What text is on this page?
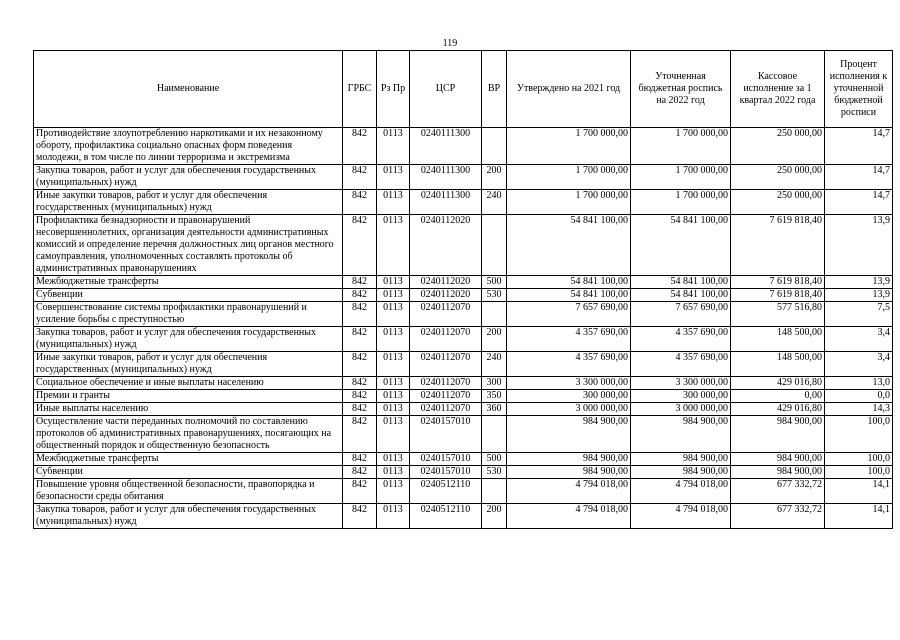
119
Наименование	ГРБС	Рз Пр	ЦСР	ВР	Утверждено на 2021 год	Уточненная бюджетная роспись на 2022 год	Кассовое исполнение за 1 квартал 2022 года	Процент исполнения к уточненной бюджетной росписи
Противодействие злоупотреблению наркотиками и их незаконному обороту, профилактика социально опасных форм поведения молодежи, в том числе по линии терроризма и экстремизма	842	0113	0240111300		1 700 000,00	1 700 000,00	250 000,00	14,7
Закупка товаров, работ и услуг для обеспечения государственных (муниципальных) нужд	842	0113	0240111300	200	1 700 000,00	1 700 000,00	250 000,00	14,7
Иные закупки товаров, работ и услуг для обеспечения государственных (муниципальных) нужд	842	0113	0240111300	240	1 700 000,00	1 700 000,00	250 000,00	14,7
Профилактика безнадзорности и правонарушений несовершеннолетних, организация деятельности административных комиссий и определение перечня должностных лиц органов местного самоуправления, уполномоченных составлять протоколы об административных правонарушениях	842	0113	0240112020		54 841 100,00	54 841 100,00	7 619 818,40	13,9
Межбюджетные трансферты	842	0113	0240112020	500	54 841 100,00	54 841 100,00	7 619 818,40	13,9
Субвенции	842	0113	0240112020	530	54 841 100,00	54 841 100,00	7 619 818,40	13,9
Совершенствование системы профилактики правонарушений и усиление борьбы с преступностью	842	0113	0240112070		7 657 690,00	7 657 690,00	577 516,80	7,5
Закупка товаров, работ и услуг для обеспечения государственных (муниципальных) нужд	842	0113	0240112070	200	4 357 690,00	4 357 690,00	148 500,00	3,4
Иные закупки товаров, работ и услуг для обеспечения государственных (муниципальных) нужд	842	0113	0240112070	240	4 357 690,00	4 357 690,00	148 500,00	3,4
Социальное обеспечение и иные выплаты населению	842	0113	0240112070	300	3 300 000,00	3 300 000,00	429 016,80	13,0
Премии и гранты	842	0113	0240112070	350	300 000,00	300 000,00	0,00	0,0
Иные выплаты населению	842	0113	0240112070	360	3 000 000,00	3 000 000,00	429 016,80	14,3
Осуществление части переданных полномочий по составлению протоколов об административных правонарушениях, посягающих на общественный порядок и общественную безопасность	842	0113	0240157010		984 900,00	984 900,00	984 900,00	100,0
Межбюджетные трансферты	842	0113	0240157010	500	984 900,00	984 900,00	984 900,00	100,0
Субвенции	842	0113	0240157010	530	984 900,00	984 900,00	984 900,00	100,0
Повышение уровня общественной безопасности, правопорядка и безопасности среды обитания	842	0113	0240512110		4 794 018,00	4 794 018,00	677 332,72	14,1
Закупка товаров, работ и услуг для обеспечения государственных (муниципальных) нужд	842	0113	0240512110	200	4 794 018,00	4 794 018,00	677 332,72	14,1
